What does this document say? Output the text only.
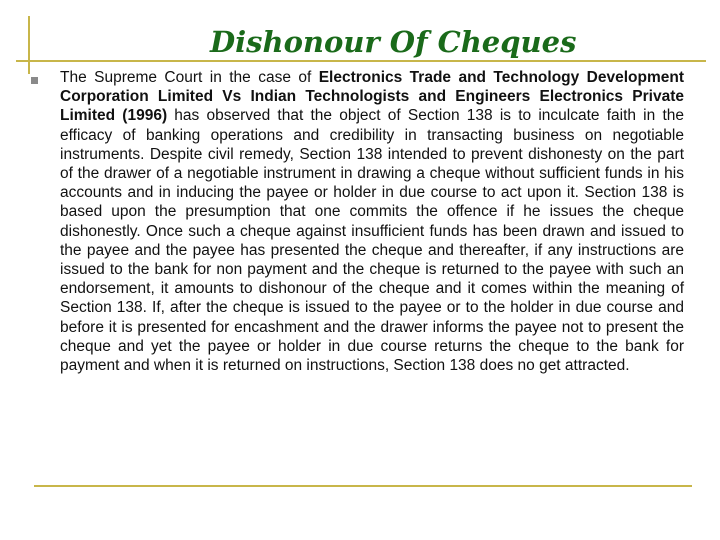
Dishonour Of Cheques

The Supreme Court in the case of Electronics Trade and Technology Development Corporation Limited Vs Indian Technologists and Engineers Electronics Private Limited (1996) has observed that the object of Section 138 is to inculcate faith in the efficacy of banking operations and credibility in transacting business on negotiable instruments. Despite civil remedy, Section 138 intended to prevent dishonesty on the part of the drawer of a negotiable instrument in drawing a cheque without sufficient funds in his accounts and in inducing the payee or holder in due course to act upon it. Section 138 is based upon the presumption that one commits the offence if he issues the cheque dishonestly. Once such a cheque against insufficient funds has been drawn and issued to the payee and the payee has presented the cheque and thereafter, if any instructions are issued to the bank for non payment and the cheque is returned to the payee with such an endorsement, it amounts to dishonour of the cheque and it comes within the meaning of Section 138. If, after the cheque is issued to the payee or to the holder in due course and before it is presented for encashment and the drawer informs the payee not to present the cheque and yet the payee or holder in due course returns the cheque to the bank for payment and when it is returned on instructions, Section 138 does no get attracted.
